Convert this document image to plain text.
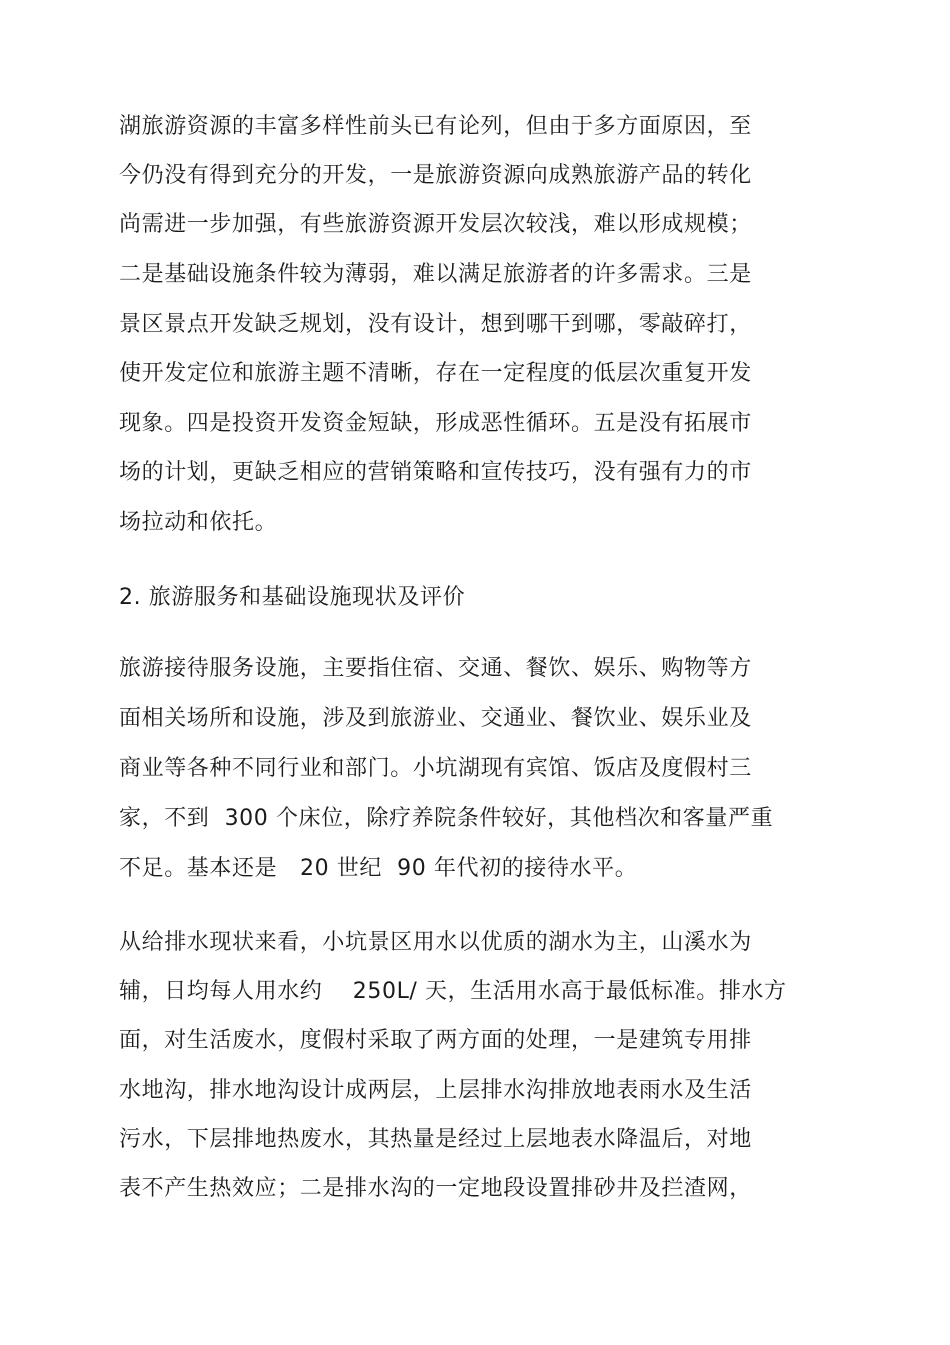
湖旅游资源的丰富多样性前头已有论列，但由于多方面原因，至
今仍没有得到充分的开发，一是旅游资源向成熟旅游产品的转化
尚需进一步加强，有些旅游资源开发层次较浅，难以形成规模；
二是基础设施条件较为薄弱，难以满足旅游者的许多需求。三是
景区景点开发缺乏规划，没有设计，想到哪干到哪，零敲碎打，
使开发定位和旅游主题不清晰，存在一定程度的低层次重复开发
现象。四是投资开发资金短缺，形成恶性循环。五是没有拓展市
场的计划，更缺乏相应的营销策略和宣传技巧，没有强有力的市
场拉动和依托。
2. 旅游服务和基础设施现状及评价
旅游接待服务设施，主要指住宿、交通、餐饮、娱乐、购物等方
面相关场所和设施，涉及到旅游业、交通业、餐饮业、娱乐业及
商业等各种不同行业和部门。小坑湖现有宾馆、饭店及度假村三
家，不到  300 个床位，除疗养院条件较好，其他档次和客量严重
不足。基本还是   20 世纪  90 年代初的接待水平。
从给排水现状来看，小坑景区用水以优质的湖水为主，山溪水为
辅，日均每人用水约    250L/ 天，生活用水高于最低标准。排水方
面，对生活废水，度假村采取了两方面的处理，一是建筑专用排
水地沟，排水地沟设计成两层，上层排水沟排放地表雨水及生活
污水，下层排地热废水，其热量是经过上层地表水降温后，对地
表不产生热效应；二是排水沟的一定地段设置排砂井及拦渣网，
